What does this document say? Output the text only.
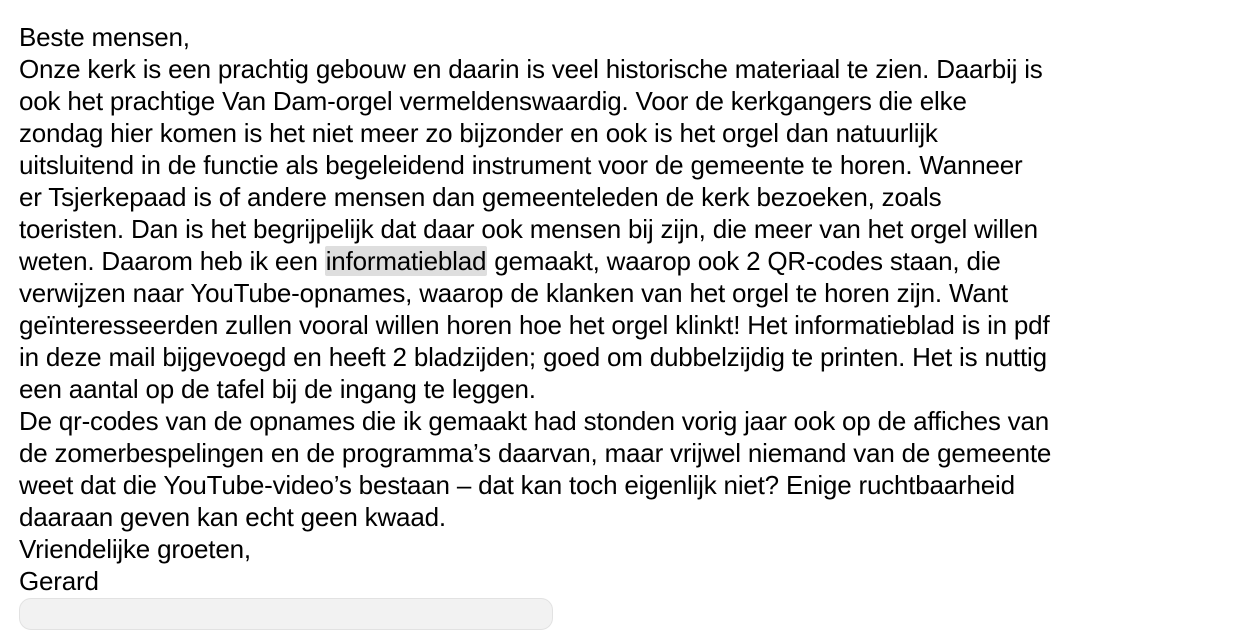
Beste mensen,
Onze kerk is een prachtig gebouw en daarin is veel historische materiaal te zien. Daarbij is
ook het prachtige Van Dam-orgel vermeldenswaardig. Voor de kerkgangers die elke
zondag hier komen is het niet meer zo bijzonder en ook is het orgel dan natuurlijk
uitsluitend in de functie als begeleidend instrument voor de gemeente te horen. Wanneer
er Tsjerkepaad is of andere mensen dan gemeenteleden de kerk bezoeken, zoals
toeristen. Dan is het begrijpelijk dat daar ook mensen bij zijn, die meer van het orgel willen
weten. Daarom heb ik een informatieblad gemaakt, waarop ook 2 QR-codes staan, die
verwijzen naar YouTube-opnames, waarop de klanken van het orgel te horen zijn. Want
geïnteresseerden zullen vooral willen horen hoe het orgel klinkt! Het informatieblad is in pdf
in deze mail bijgevoegd en heeft 2 bladzijden; goed om dubbelzijdig te printen. Het is nuttig
een aantal op de tafel bij de ingang te leggen.
De qr-codes van de opnames die ik gemaakt had stonden vorig jaar ook op de affiches van
de zomerbespelingen en de programma’s daarvan, maar vrijwel niemand van de gemeente
weet dat die YouTube-video’s bestaan – dat kan toch eigenlijk niet? Enige ruchtbaarheid
daaraan geven kan echt geen kwaad.
Vriendelijke groeten,
Gerard
